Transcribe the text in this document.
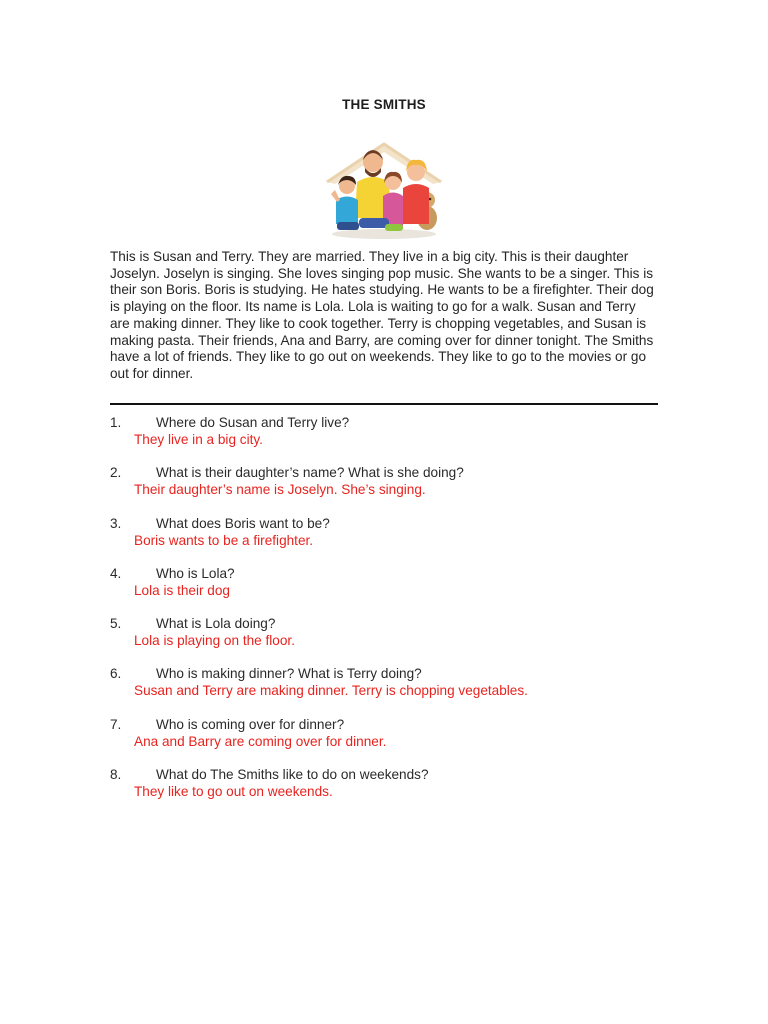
THE SMITHS

This is Susan and Terry. They are married. They live in a big city. This is their daughter Joselyn. Joselyn is singing. She loves singing pop music. She wants to be a singer. This is their son Boris. Boris is studying. He hates studying. He wants to be a firefighter. Their dog is playing on the floor. Its name is Lola. Lola is waiting to go for a walk. Susan and Terry are making dinner. They like to cook together. Terry is chopping vegetables, and Susan is making pasta. Their friends, Ana and Barry, are coming over for dinner tonight. The Smiths have a lot of friends. They like to go out on weekends. They like to go to the movies or go out for dinner.

1.	Where do Susan and Terry live?
They live in a big city.
2.	What is their daughter’s name? What is she doing?
Their daughter’s name is Joselyn. She’s singing.
3.	What does Boris want to be?
Boris wants to be a firefighter.
4.	Who is Lola?
Lola is their dog
5.	What is Lola doing?
Lola is playing on the floor.
6.	Who is making dinner? What is Terry doing?
Susan and Terry are making dinner. Terry is chopping vegetables.
7.	Who is coming over for dinner?
Ana and Barry are coming over for dinner.
8.	What do The Smiths like to do on weekends?
They like to go out on weekends.
